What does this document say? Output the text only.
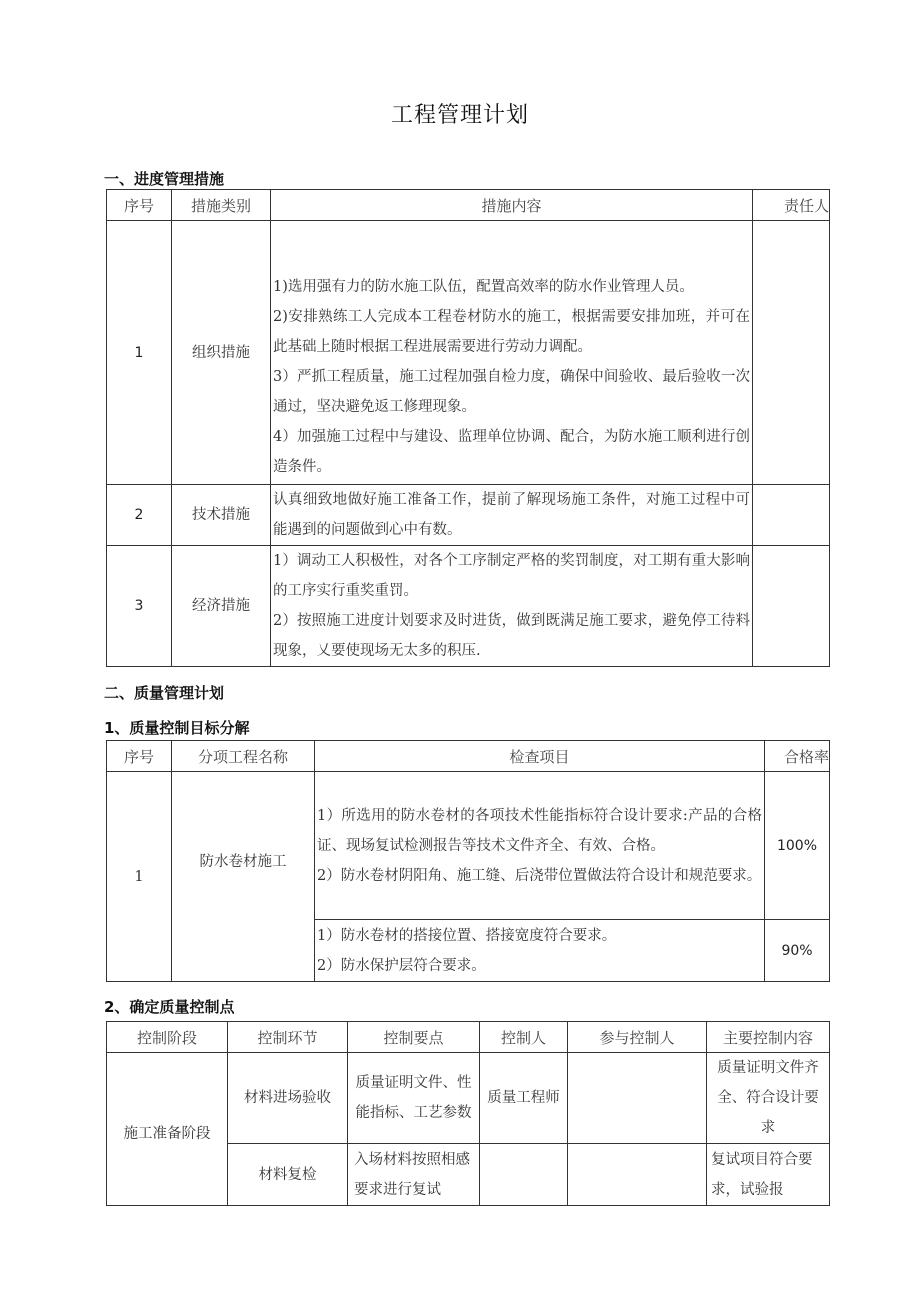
工程管理计划
一、进度管理措施
序号	措施类别	措施内容	责任人
1	组织措施	1)选用强有力的防水施工队伍，配置高效率的防水作业管理人员。
2)安排熟练工人完成本工程卷材防水的施工，根据需要安排加班，并可在此基础上随时根据工程进展需要进行劳动力调配。
3）严抓工程质量，施工过程加强自检力度，确保中间验收、最后验收一次通过，坚决避免返工修理现象。
4）加强施工过程中与建设、监理单位协调、配合，为防水施工顺利进行创造条件。	

2	技术措施	认真细致地做好施工准备工作，提前了解现场施工条件，对施工过程中可能遇到的问题做到心中有数。	

3	经济措施	1）调动工人积极性，对各个工序制定严格的奖罚制度，对工期有重大影响的工序实行重奖重罚。
2）按照施工进度计划要求及时进货，做到既满足施工要求，避免停工待料现象，乂要使现场无太多的积压.	

二、质量管理计划
1、质量控制目标分解
序号	分项工程名称	检查项目	合格率
1	防水卷材施工	1）所选用的防水卷材的各项技术性能指标符合设计要求:产品的合格证、现场复试检测报告等技术文件齐全、有效、合格。
2）防水卷材阴阳角、施工缝、后浇带位置做法符合设计和规范要求。	100%

		1）防水卷材的搭接位置、搭接宽度符合要求。
2）防水保护层符合要求。	90%
2、确定质量控制点
控制阶段	控制环节	控制要点	控制人	参与控制人	主要控制内容
施工准备阶段	材料进场验收	质量证明文件、性能指标、工艺参数	质量工程师		质量证明文件齐全、符合设计要求
	材料复检	入场材料按照相感要求进行复试			复试项目符合要求，试验报
